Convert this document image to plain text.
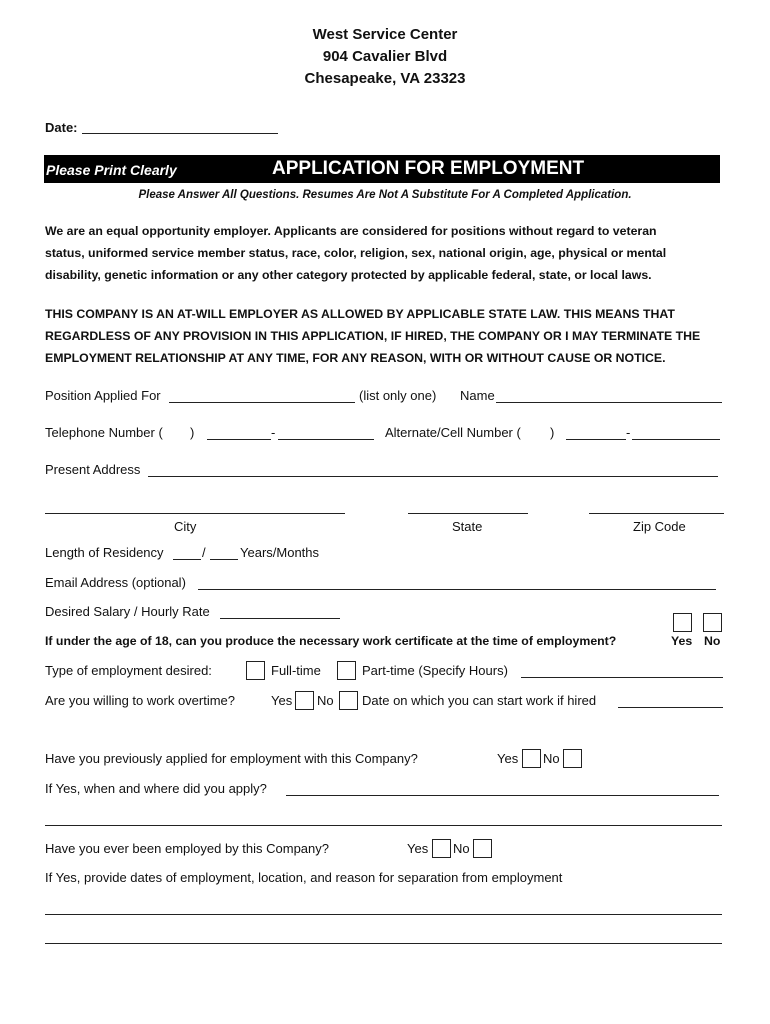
West Service Center
904 Cavalier Blvd
Chesapeake, VA 23323
Date:
Please Print Clearly	APPLICATION FOR EMPLOYMENT
Please Answer All Questions. Resumes Are Not A Substitute For A Completed Application.
We are an equal opportunity employer. Applicants are considered for positions without regard to veteran
status, uniformed service member status, race, color, religion, sex, national origin, age, physical or mental
disability, genetic information or any other category protected by applicable federal, state, or local laws.
THIS COMPANY IS AN AT-WILL EMPLOYER AS ALLOWED BY APPLICABLE STATE LAW. THIS MEANS THAT
REGARDLESS OF ANY PROVISION IN THIS APPLICATION, IF HIRED, THE COMPANY OR I MAY TERMINATE THE
EMPLOYMENT RELATIONSHIP AT ANY TIME, FOR ANY REASON, WITH OR WITHOUT CAUSE OR NOTICE.
Position Applied For	(list only one) Name
Telephone Number ( )	-	Alternate/Cell Number ( )	-
Present Address
City	State	Zip Code
Length of Residency	/	Years/Months
Email Address (optional)
Desired Salary / Hourly Rate
If under the age of 18, can you produce the necessary work certificate at the time of employment?	Yes No
Type of employment desired:	Full-time	Part-time (Specify Hours)
Are you willing to work overtime?	Yes No Date on which you can start work if hired
Have you previously applied for employment with this Company?	Yes No
If Yes, when and where did you apply?
Have you ever been employed by this Company?	Yes No
If Yes, provide dates of employment, location, and reason for separation from employment
